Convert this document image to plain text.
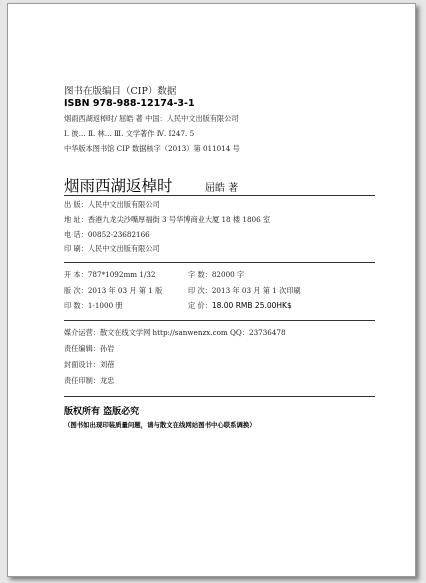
图书在版编目（CIP）数据
ISBN 978-988-12174-3-1
烟雨西湖返棹时/ 屈皓 著 中国：人民中文出版有限公司
Ⅰ. 彼… Ⅱ. 林… Ⅲ. 文学著作 Ⅳ. I247. 5
中华版本图书馆 CIP 数据核字（2013）第 011014 号
烟雨西湖返棹时	屈皓 著
出 版：人民中文出版有限公司
地 址：香港九龙尖沙嘴厚福街 3 号华博商业大厦 18 楼 1806 室
电 话：00852-23682166
印 刷：人民中文出版有限公司
开 本：787*1092mm 1/32	字 数：82000 字
版 次：2013 年 03 月 第 1 版	印 次：2013 年 03 月 第 1 次印刷
印 数：1-1000 册	定 价：18.00 RMB 25.00HK$
媒介运营：散文在线文学网 http://sanwenzx.com QQ：23736478
责任编辑：孙岩
封面设计：刘蓓
责任印制：龙忠
版权所有 盗版必究
（图书如出现印装质量问题，请与散文在线网站图书中心联系调换）
